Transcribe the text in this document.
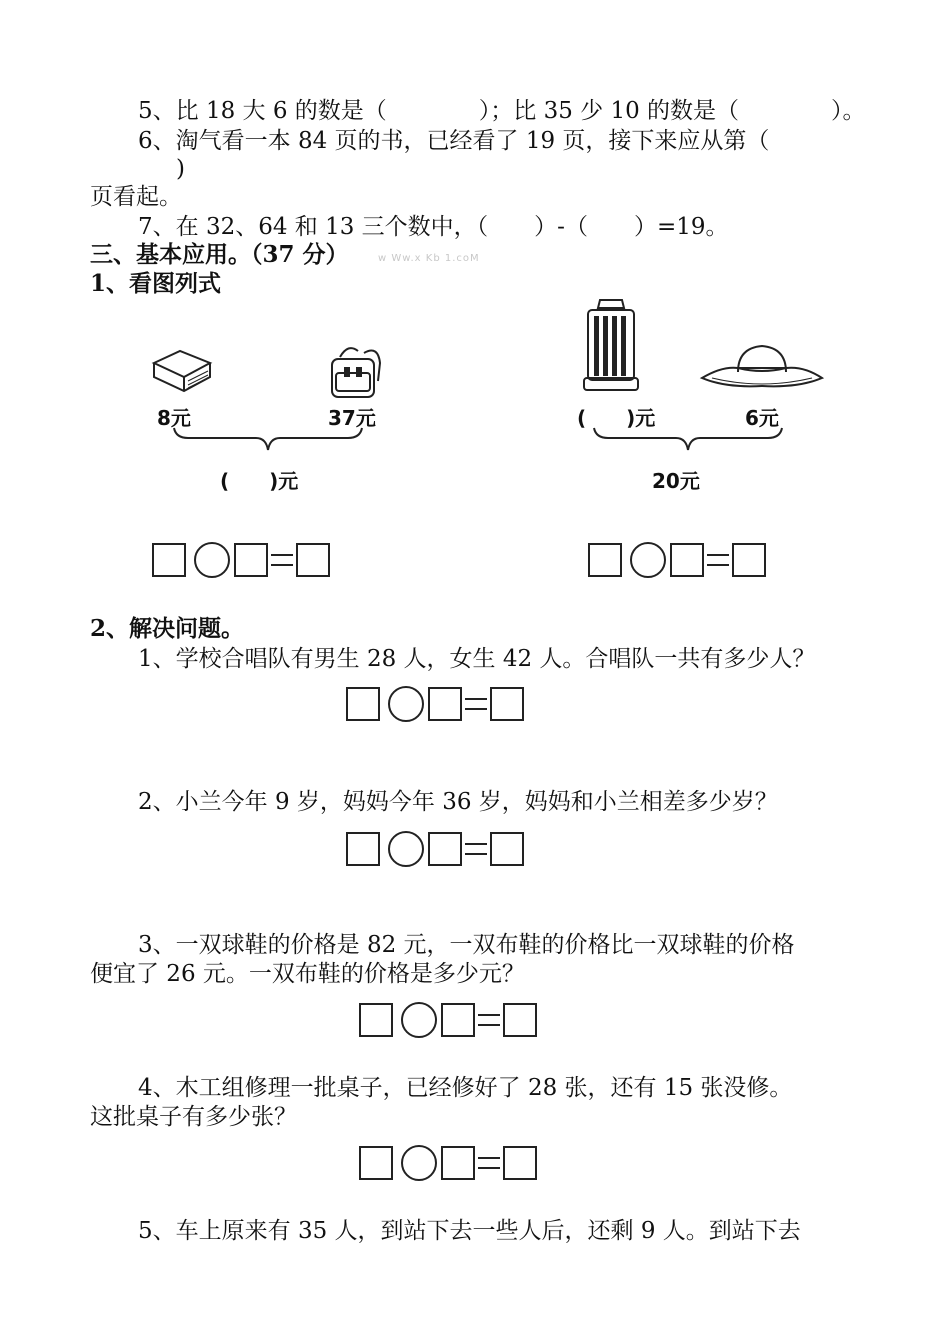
5、比 18 大 6 的数是（　　　　）；比 35 少 10 的数是（　　　　）。
6、淘气看一本 84 页的书，已经看了 19 页，接下来应从第（
)
页看起。
7、在 32、64 和 13 三个数中，（　　）-（　　）=19。
三、基本应用。（37 分）	w Ww.x Kb 1.coM
1、看图列式
8元	37元
(　　)元
(　　)元	6元
20元
2、解决问题。
1、学校合唱队有男生 28 人，女生 42 人。合唱队一共有多少人？
2、小兰今年 9 岁，妈妈今年 36 岁，妈妈和小兰相差多少岁？
3、一双球鞋的价格是 82 元，一双布鞋的价格比一双球鞋的价格
便宜了 26 元。一双布鞋的价格是多少元？
4、木工组修理一批桌子，已经修好了 28 张，还有 15 张没修。
这批桌子有多少张？
5、车上原来有 35 人，到站下去一些人后，还剩 9 人。到站下去
